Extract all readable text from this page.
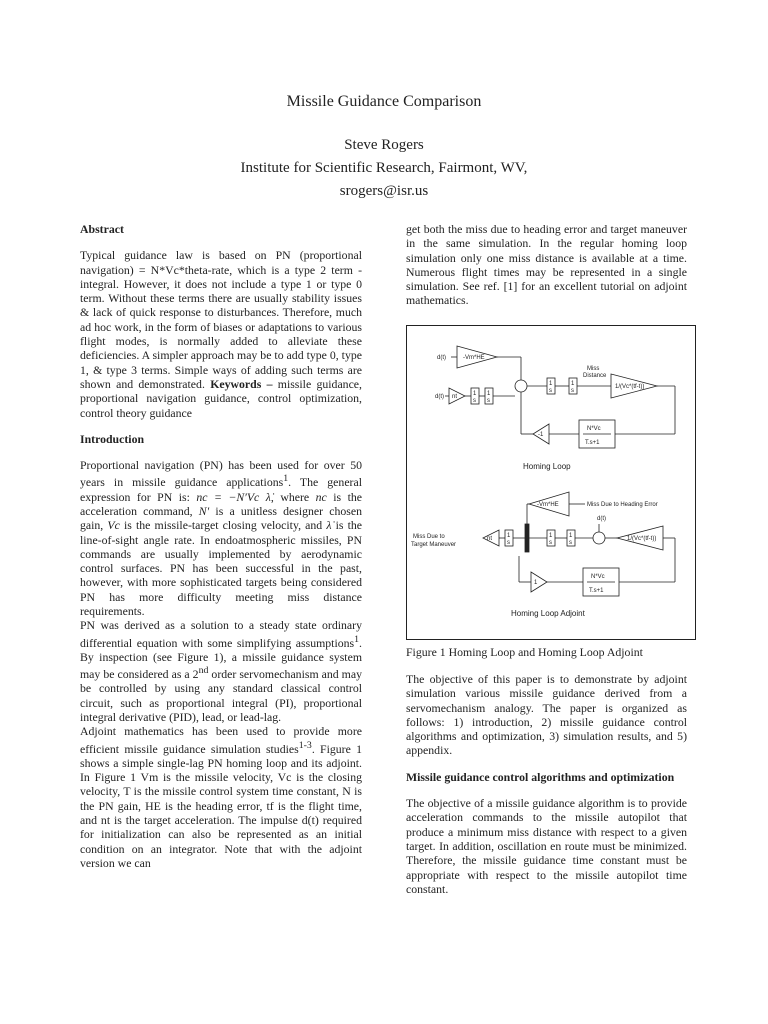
Missile Guidance Comparison
Steve Rogers
Institute for Scientific Research, Fairmont, WV,
srogers@isr.us

Abstract

Typical guidance law is based on PN (proportional navigation) = N*Vc*theta-rate, which is a type 2 term - integral. However, it does not include a type 1 or type 0 term. Without these terms there are usually stability issues & lack of quick response to disturbances. Therefore, much ad hoc work, in the form of biases or adaptations to various flight modes, is normally added to alleviate these deficiencies. A simpler approach may be to add type 0, type 1, & type 3 terms. Simple ways of adding such terms are shown and demonstrated. Keywords – missile guidance, proportional navigation guidance, control optimization, control theory guidance

Introduction

Proportional navigation (PN) has been used for over 50 years in missile guidance applications$^1$. The general expression for PN is: nc = −N′Vc λ̇, where nc is the acceleration command, N′ is a unitless designer chosen gain, Vc is the missile-target closing velocity, and λ̇ is the line-of-sight angle rate. In endoatmospheric missiles, PN commands are usually implemented by aerodynamic control surfaces. PN has been successful in the past, however, with more sophisticated targets being considered PN has more difficulty meeting miss distance requirements.

PN was derived as a solution to a steady state ordinary differential equation with some simplifying assumptions$^1$. By inspection (see Figure 1), a missile guidance system may be considered as a 2nd order servomechanism and may be controlled by using any standard classical control circuit, such as proportional integral (PI), proportional integral derivative (PID), lead, or lead-lag.

Adjoint mathematics has been used to provide more efficient missile guidance simulation studies$^{1-3}$. Figure 1 shows a simple single-lag PN homing loop and its adjoint. In Figure 1 Vm is the missile velocity, Vc is the closing velocity, T is the missile control system time constant, N is the PN gain, HE is the heading error, tf is the flight time, and nt is the target acceleration. The impulse d(t) required for initialization can also be represented as an initial condition on an integrator. Note that with the adjoint version we can

get both the miss due to heading error and target maneuver in the same simulation. In the regular homing loop simulation only one miss distance is available at a time. Numerous flight times may be represented in a single simulation. See ref. [1] for an excellent tutorial on adjoint mathematics.

d(t)	-Vm*HE
d(t) nt	1
s
1
s
1
s
1
s
Miss
Distance
1/(Vc*(tf-t))
N*Vc
T.s+1
-1
Homing Loop
-Vm*HE	Miss Due to Heading Error
Miss Due to
Target Maneuver
nt 1
s
1
s
1
s
d(t)
1/(Vc*(tf-t))
N*Vc
T.s+1
1
Homing Loop Adjoint
Figure 1 Homing Loop and Homing Loop Adjoint

The objective of this paper is to demonstrate by adjoint simulation various missile guidance derived from a servomechanism analogy. The paper is organized as follows: 1) introduction, 2) missile guidance control algorithms and optimization, 3) simulation results, and 5) appendix.

Missile guidance control algorithms and optimization

The objective of a missile guidance algorithm is to provide acceleration commands to the missile autopilot that produce a minimum miss distance with respect to a given target. In addition, oscillation en route must be minimized. Therefore, the missile guidance time constant must be appropriate with respect to the missile autopilot time constant.
